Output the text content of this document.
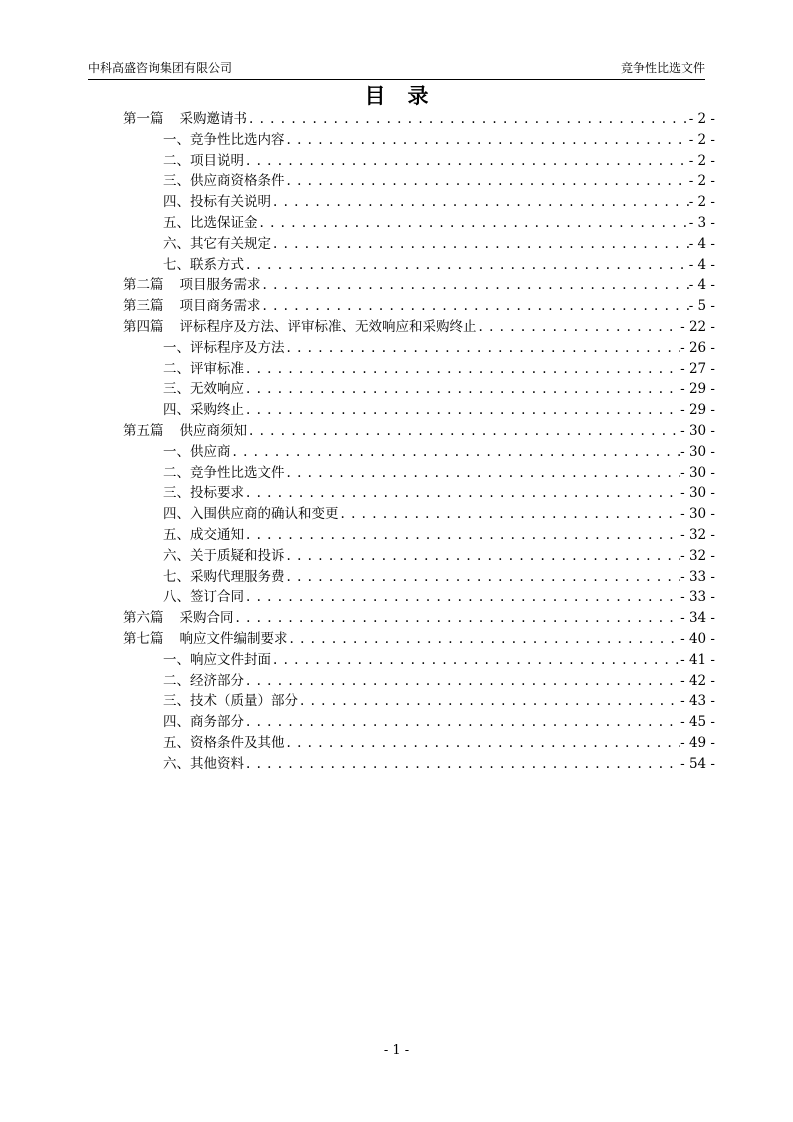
中科高盛咨询集团有限公司	竞争性比选文件
目录
第一篇 采购邀请书 . . .	- 2 -
一、竞争性比选内容 . . .	- 2 -
二、项目说明 . . .	- 2 -
三、供应商资格条件 . . .	- 2 -
四、投标有关说明 . . .	- 2 -
五、比选保证金 . . .	- 3 -
六、其它有关规定 . . .	- 4 -
七、联系方式 . . .	- 4 -
第二篇 项目服务需求 . . .	- 4 -
第三篇 项目商务需求 . . .	- 5 -
第四篇 评标程序及方法、评审标准、无效响应和采购终止 . . .	- 22 -
一、评标程序及方法 . . .	- 26 -
二、评审标准 . . .	- 27 -
三、无效响应 . . .	- 29 -
四、采购终止 . . .	- 29 -
第五篇 供应商须知 . . .	- 30 -
一、供应商 . . .	- 30 -
二、竞争性比选文件 . . .	- 30 -
三、投标要求 . . .	- 30 -
四、入围供应商的确认和变更 . . .	- 30 -
五、成交通知 . . .	- 32 -
六、关于质疑和投诉 . . .	- 32 -
七、采购代理服务费 . . .	- 33 -
八、签订合同 . . .	- 33 -
第六篇 采购合同 . . .	- 34 -
第七篇 响应文件编制要求 . . .	- 40 -
一、响应文件封面 . . .	- 41 -
二、经济部分 . . .	- 42 -
三、技术（质量）部分 . . .	- 43 -
四、商务部分 . . .	- 45 -
五、资格条件及其他 . . .	- 49 -
六、其他资料 . . .	- 54 -
- 1 -
